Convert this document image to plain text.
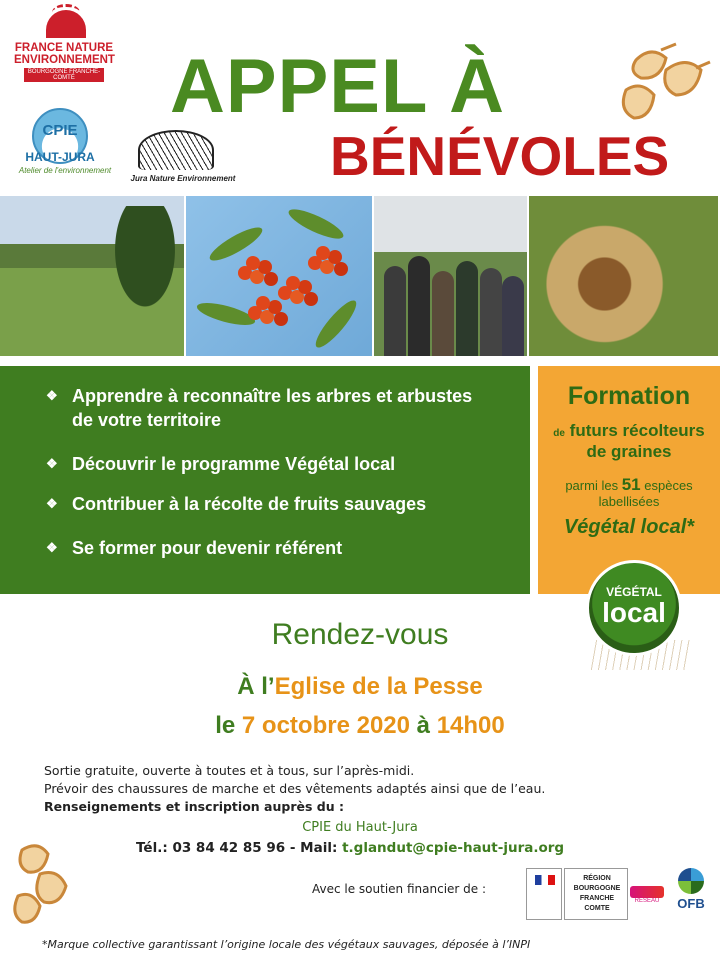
FRANCE NATURE
ENVIRONNEMENT
BOURGOGNE FRANCHE-COMTÉ
CPIE
HAUT-JURA
Atelier de l'environnement
Jura Nature Environnement
APPEL À
BÉNÉVOLES
❖ Apprendre à reconnaître les arbres et arbustes de votre territoire
❖ Découvrir le programme Végétal local
❖ Contribuer à la récolte de fruits sauvages
❖ Se former pour devenir référent
Formation
de futurs récolteurs
de graines
parmi les 51 espèces
labellisées
Végétal local*
VÉGÉTAL
local
Rendez-vous
À l’Eglise de la Pesse
le 7 octobre 2020 à 14h00
Sortie gratuite, ouverte à toutes et à tous, sur l’après-midi.
Prévoir des chaussures de marche et des vêtements adaptés ainsi que de l’eau.
Renseignements et inscription auprès du :
CPIE du Haut-Jura
Tél.: 03 84 42 85 96 - Mail: t.glandut@cpie-haut-jura.org
Avec le soutien financier de :
RÉGION
BOURGOGNE
FRANCHE
COMTE
RÉSEAU	OFB
*Marque collective garantissant l’origine locale des végétaux sauvages, déposée à l’INPI
